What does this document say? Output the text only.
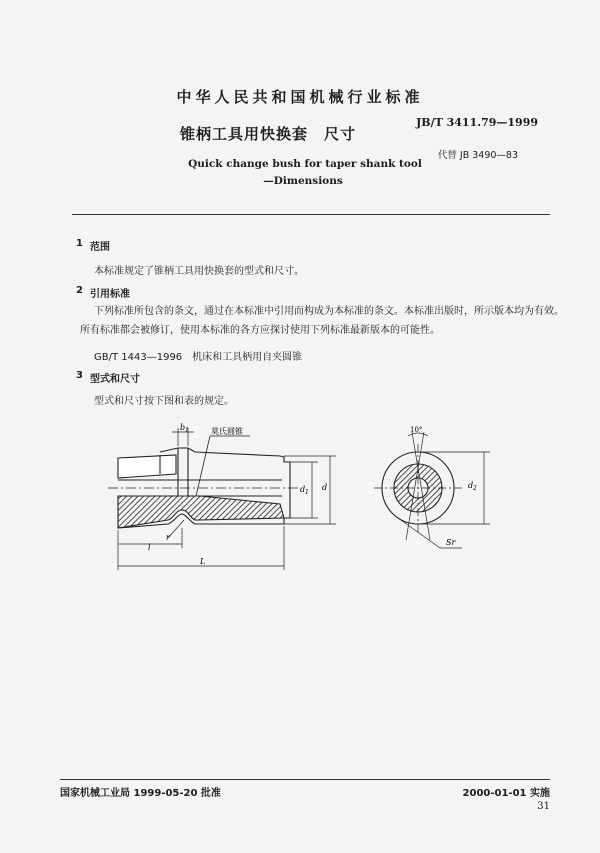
中华人民共和国机械行业标准
JB/T 3411.79—1999
锥柄工具用快换套　尺寸
代替 JB 3490—83
Quick change bush for taper shank tool
—Dimensions
1 范围
本标准规定了锥柄工具用快换套的型式和尺寸。
2 引用标准
下列标准所包含的条文，通过在本标准中引用而构成为本标准的条文。本标准出版时，所示版本均为有效。所有标准都会被修订，使用本标准的各方应探讨使用下列标准最新版本的可能性。
GB/T 1443—1996　机床和工具柄用自夹圆锥
3 型式和尺寸
型式和尺寸按下图和表的规定。
莫氏圆锥
b 1
d 1
d
r
l
L
10°
d 2
Sr
国家机械工业局 1999-05-20 批准	2000-01-01 实施
31
